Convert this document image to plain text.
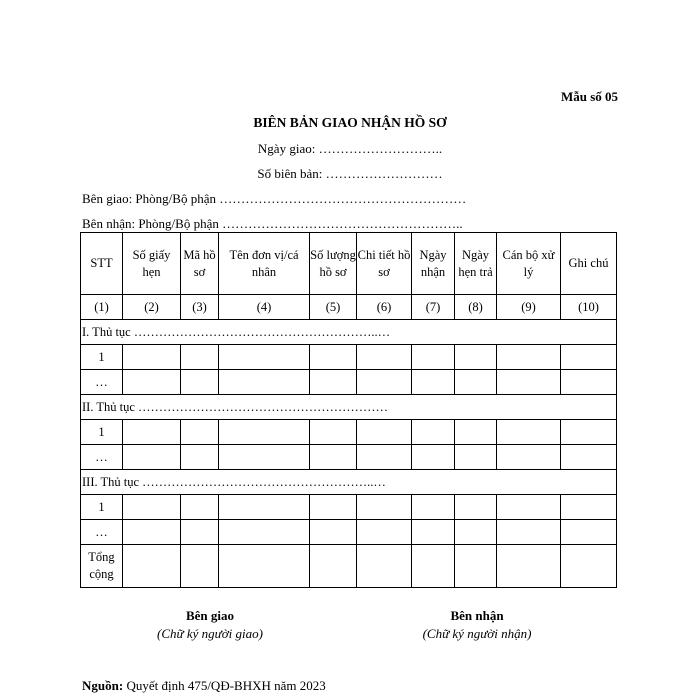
Mẫu số 05
BIÊN BẢN GIAO NHẬN HỒ SƠ
Ngày giao: ………………………..
Số biên bản: ………………………
Bên giao: Phòng/Bộ phận …………………………………………………
Bên nhận: Phòng/Bộ phận ………………………………………………..
STT	Số giấy hẹn	Mã hồ sơ	Tên đơn vị/cá nhân	Số lượng hồ sơ	Chi tiết hồ sơ	Ngày nhận	Ngày hẹn trả	Cán bộ xử lý	Ghi chú
(1)	(2)	(3)	(4)	(5)	(6)	(7)	(8)	(9)	(10)
I. Thủ tục …………………………………………………..…									
1									
…									
II. Thủ tục ……………………………………………………									
1									
…									
III. Thủ tục ………………………………………………..…									
1									
…									
Tổng cộng									
Bên giao
(Chữ ký người giao)
Bên nhận
(Chữ ký người nhận)
Nguồn: Quyết định 475/QĐ-BHXH năm 2023
